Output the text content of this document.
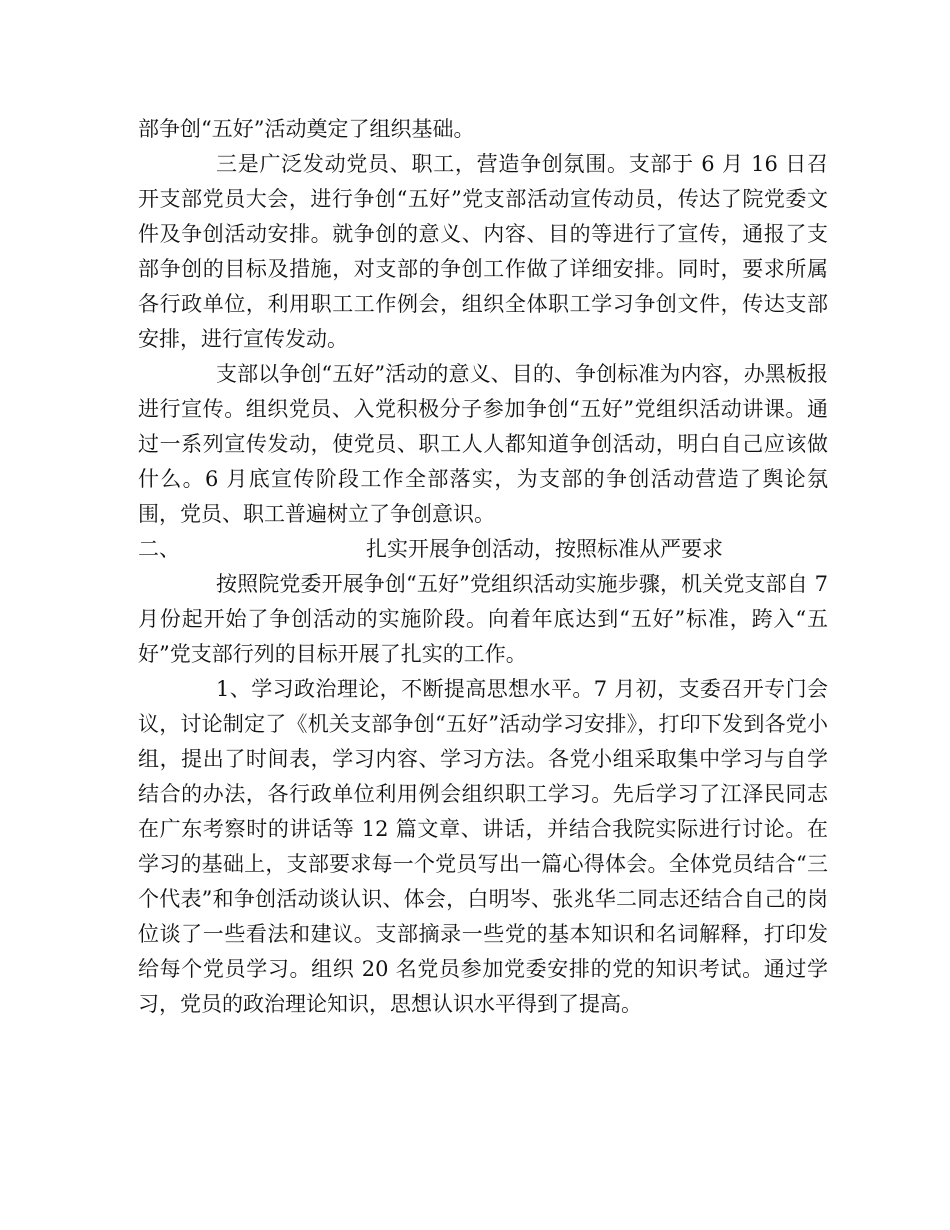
部争创“五好”活动奠定了组织基础。

三是广泛发动党员、职工，营造争创氛围。支部于 6 月 16 日召开支部党员大会，进行争创“五好”党支部活动宣传动员，传达了院党委文件及争创活动安排。就争创的意义、内容、目的等进行了宣传，通报了支部争创的目标及措施，对支部的争创工作做了详细安排。同时，要求所属各行政单位，利用职工工作例会，组织全体职工学习争创文件，传达支部安排，进行宣传发动。

支部以争创“五好”活动的意义、目的、争创标准为内容，办黑板报进行宣传。组织党员、入党积极分子参加争创“五好”党组织活动讲课。通过一系列宣传发动，使党员、职工人人都知道争创活动，明白自己应该做什么。6 月底宣传阶段工作全部落实，为支部的争创活动营造了舆论氛围，党员、职工普遍树立了争创意识。

二、	扎实开展争创活动，按照标准从严要求

按照院党委开展争创“五好”党组织活动实施步骤，机关党支部自 7 月份起开始了争创活动的实施阶段。向着年底达到“五好”标准，跨入“五好”党支部行列的目标开展了扎实的工作。

1、学习政治理论，不断提高思想水平。7 月初，支委召开专门会议，讨论制定了《机关支部争创“五好”活动学习安排》，打印下发到各党小组，提出了时间表，学习内容、学习方法。各党小组采取集中学习与自学结合的办法，各行政单位利用例会组织职工学习。先后学习了江泽民同志在广东考察时的讲话等 12 篇文章、讲话，并结合我院实际进行讨论。在学习的基础上，支部要求每一个党员写出一篇心得体会。全体党员结合“三个代表”和争创活动谈认识、体会，白明岑、张兆华二同志还结合自己的岗位谈了一些看法和建议。支部摘录一些党的基本知识和名词解释，打印发给每个党员学习。组织 20 名党员参加党委安排的党的知识考试。通过学习，党员的政治理论知识，思想认识水平得到了提高。
